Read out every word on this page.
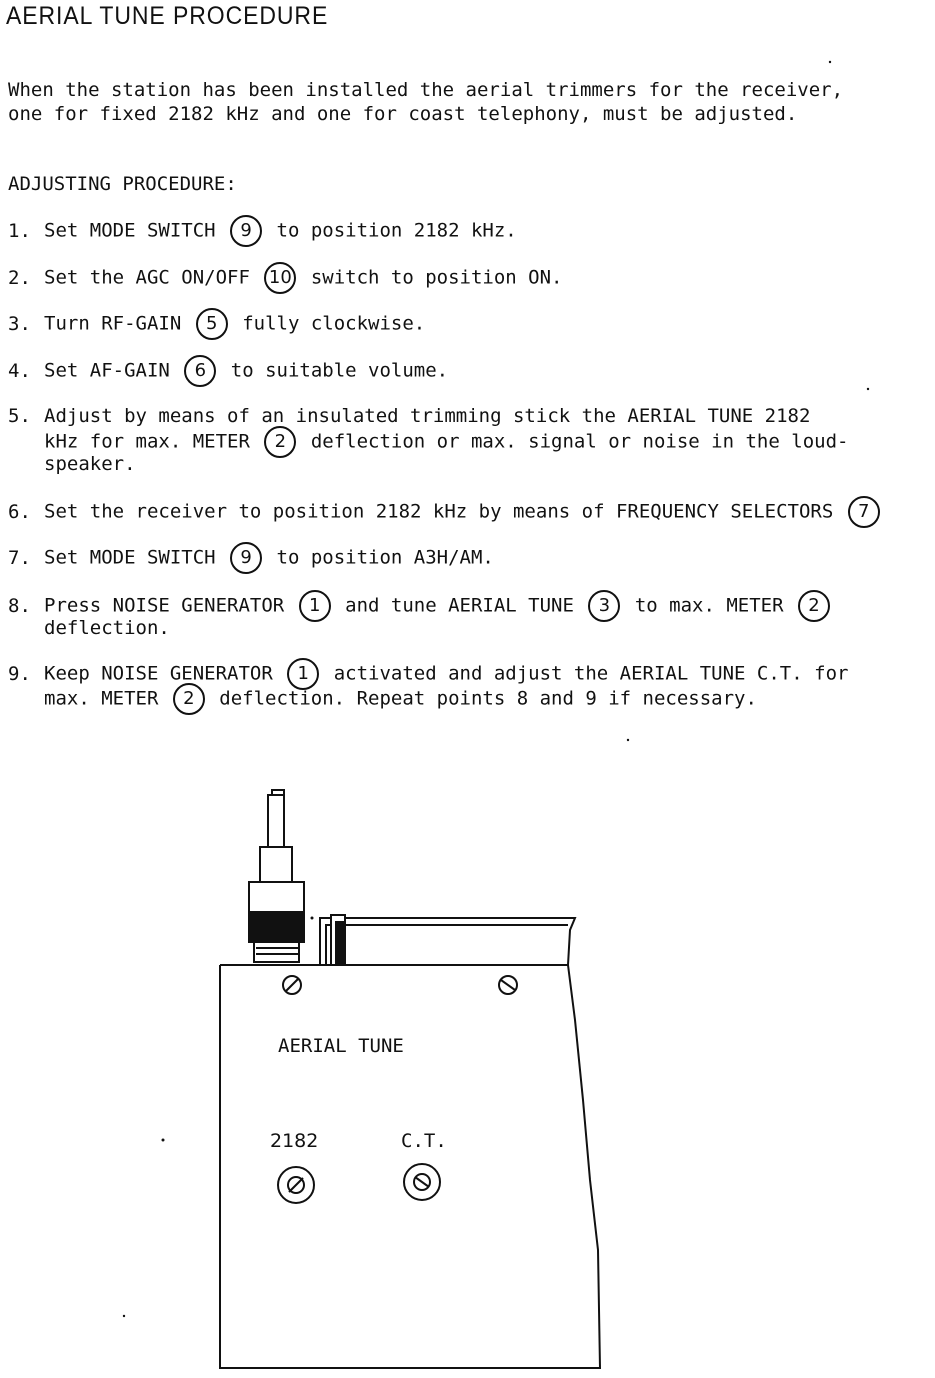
AERIAL TUNE PROCEDURE
When the station has been installed the aerial trimmers for the receiver,
one for fixed 2182 kHz and one for coast telephony, must be adjusted.
ADJUSTING PROCEDURE:
1. Set MODE SWITCH 9 to position 2182 kHz.
2. Set the AGC ON/OFF 10 switch to position ON.
3. Turn RF-GAIN 5 fully clockwise.
4. Set AF-GAIN 6 to suitable volume.
5. Adjust by means of an insulated trimming stick the AERIAL TUNE 2182
kHz for max. METER 2 deflection or max. signal or noise in the loud-
speaker.
6. Set the receiver to position 2182 kHz by means of FREQUENCY SELECTORS 7
7. Set MODE SWITCH 9 to position A3H/AM.
8. Press NOISE GENERATOR 1 and tune AERIAL TUNE 3 to max. METER 2
deflection.
9. Keep NOISE GENERATOR 1 activated and adjust the AERIAL TUNE C.T. for
max. METER 2 deflection. Repeat points 8 and 9 if necessary.
AERIAL TUNE
2182	C.T.
